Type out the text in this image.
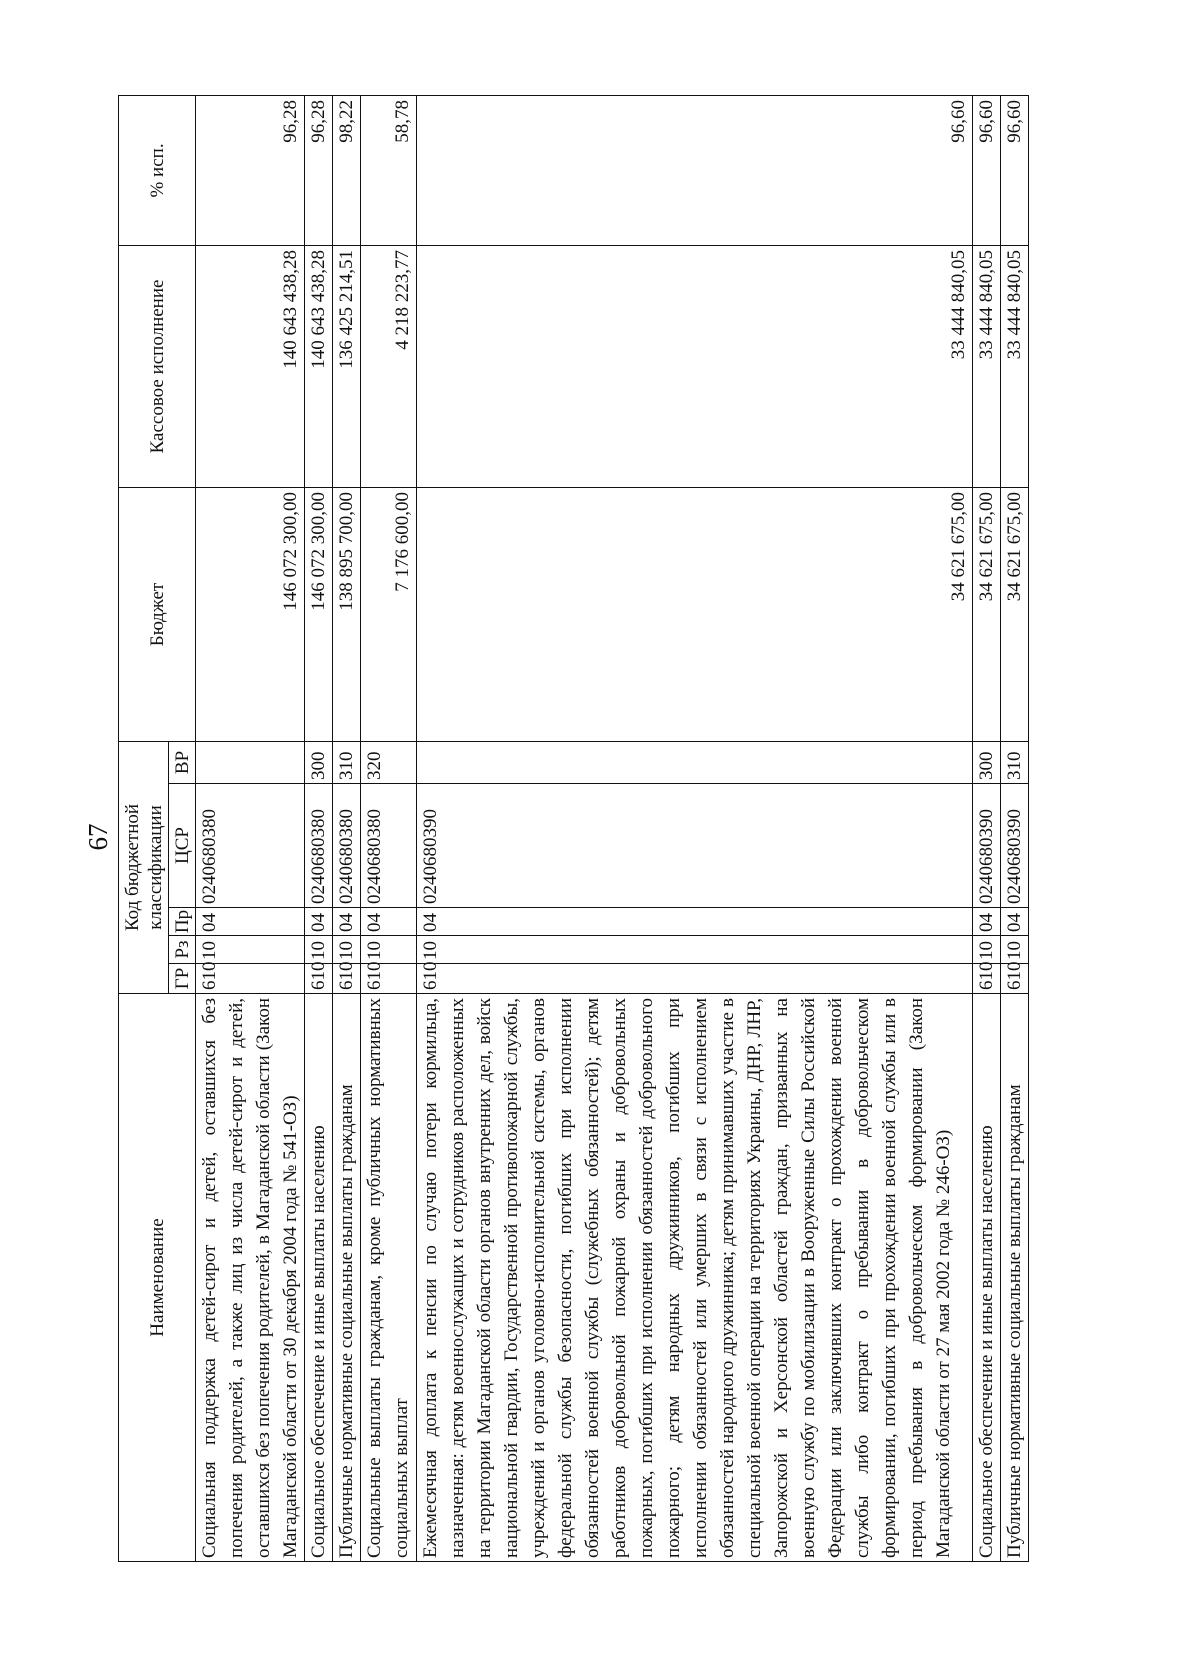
67
Наименование	Код бюджетной классификации					Бюджет	Кассовое исполнение	% исп.
	ГР	Рз	Пр	ЦСР	ВР			
Социальная поддержка детей-сирот и детей, оставшихся без попечения родителей, а также лиц из числа детей-сирот и детей, оставшихся без попечения родителей, в Магаданской области (Закон Магаданской области от 30 декабря 2004 года № 541-ОЗ)	610	10	04	0240680380		146 072 300,00	140 643 438,28	96,28
Социальное обеспечение и иные выплаты населению	610	10	04	0240680380	300	146 072 300,00	140 643 438,28	96,28
Публичные нормативные социальные выплаты гражданам	610	10	04	0240680380	310	138 895 700,00	136 425 214,51	98,22
Социальные выплаты гражданам, кроме публичных нормативных социальных выплат	610	10	04	0240680380	320	7 176 600,00	4 218 223,77	58,78
Ежемесячная доплата к пенсии по случаю потери кормильца, назначенная: детям военнослужащих и сотрудников расположенных на территории Магаданской области органов внутренних дел, войск национальной гвардии, Государственной противопожарной службы, учреждений и органов уголовно-исполнительной системы, органов федеральной службы безопасности, погибших при исполнении обязанностей военной службы (служебных обязанностей); детям работников добровольной пожарной охраны и добровольных пожарных, погибших при исполнении обязанностей добровольного пожарного; детям народных дружинников, погибших при исполнении обязанностей или умерших в связи с исполнением обязанностей народного дружинника; детям принимавших участие в специальной военной операции на территориях Украины, ДНР, ЛНР, Запорожской и Херсонской областей граждан, призванных на военную службу по мобилизации в Вооруженные Силы Российской Федерации или заключивших контракт о прохождении военной службы либо контракт о пребывании в добровольческом формировании, погибших при прохождении военной службы или в период пребывания в добровольческом формировании (Закон Магаданской области от 27 мая 2002 года № 246-ОЗ)	610	10	04	0240680390		34 621 675,00	33 444 840,05	96,60
Социальное обеспечение и иные выплаты населению	610	10	04	0240680390	300	34 621 675,00	33 444 840,05	96,60
Публичные нормативные социальные выплаты гражданам	610	10	04	0240680390	310	34 621 675,00	33 444 840,05	96,60
